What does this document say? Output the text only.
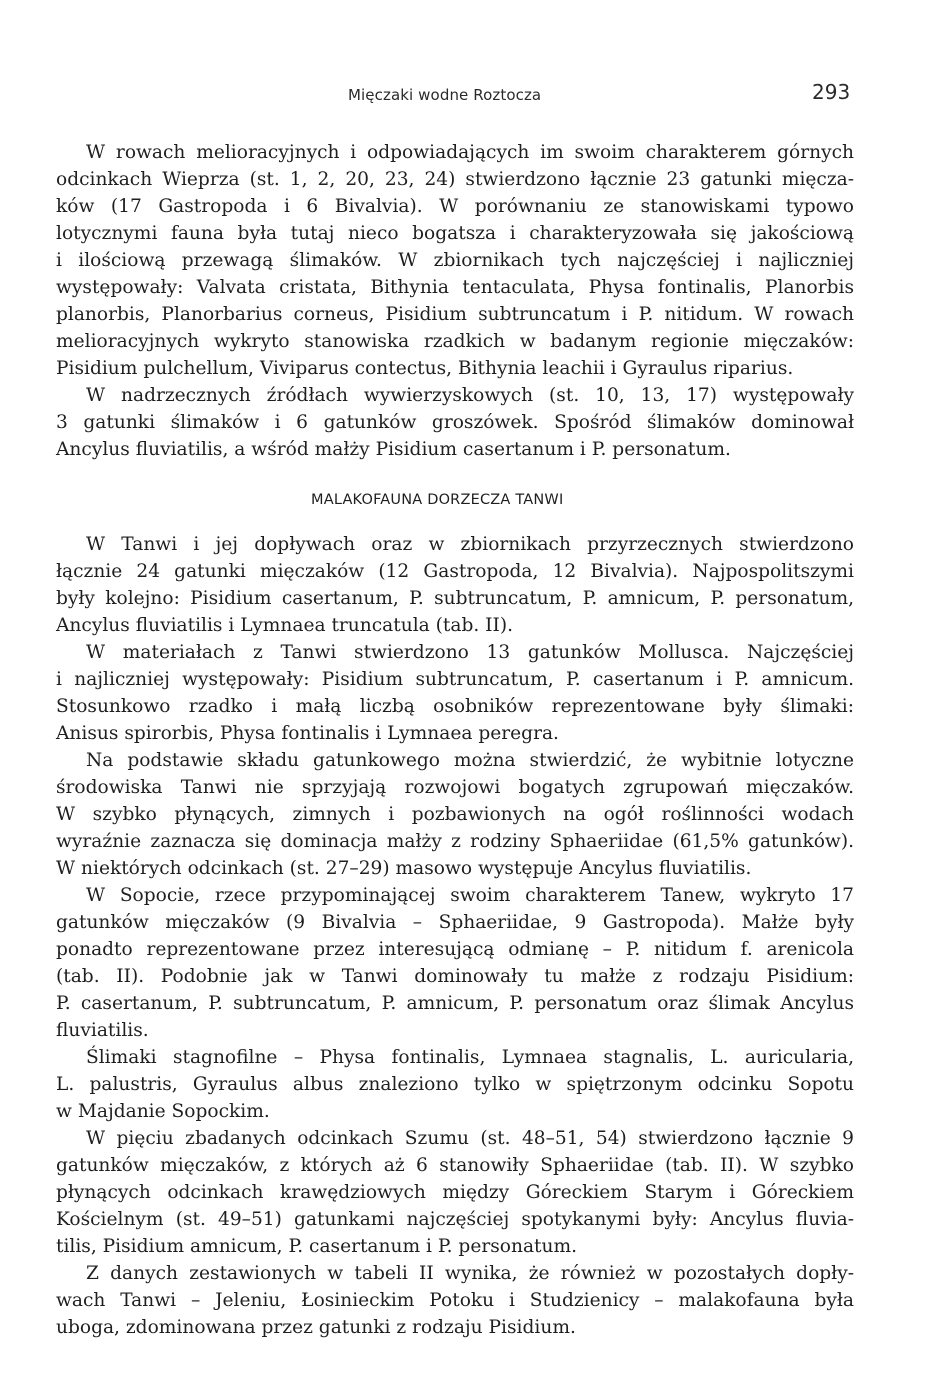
Mięczaki wodne Roztocza	293
W rowach melioracyjnych i odpowiadających im swoim charakterem górnych
odcinkach Wieprza (st. 1, 2, 20, 23, 24) stwierdzono łącznie 23 gatunki mięcza-
ków (17 Gastropoda i 6 Bivalvia). W porównaniu ze stanowiskami typowo
lotycznymi fauna była tutaj nieco bogatsza i charakteryzowała się jakościową
i ilościową przewagą ślimaków. W zbiornikach tych najczęściej i najliczniej
występowały: Valvata cristata, Bithynia tentaculata, Physa fontinalis, Planorbis
planorbis, Planorbarius corneus, Pisidium subtruncatum i P. nitidum. W rowach
melioracyjnych wykryto stanowiska rzadkich w badanym regionie mięczaków:
Pisidium pulchellum, Viviparus contectus, Bithynia leachii i Gyraulus riparius.
W nadrzecznych źródłach wywierzyskowych (st. 10, 13, 17) występowały
3 gatunki ślimaków i 6 gatunków groszówek. Spośród ślimaków dominował
Ancylus fluviatilis, a wśród małży Pisidium casertanum i P. personatum.
MALAKOFAUNA DORZECZA TANWI
W Tanwi i jej dopływach oraz w zbiornikach przyrzecznych stwierdzono
łącznie 24 gatunki mięczaków (12 Gastropoda, 12 Bivalvia). Najpospolitszymi
były kolejno: Pisidium casertanum, P. subtruncatum, P. amnicum, P. personatum,
Ancylus fluviatilis i Lymnaea truncatula (tab. II).
W materiałach z Tanwi stwierdzono 13 gatunków Mollusca. Najczęściej
i najliczniej występowały: Pisidium subtruncatum, P. casertanum i P. amnicum.
Stosunkowo rzadko i małą liczbą osobników reprezentowane były ślimaki:
Anisus spirorbis, Physa fontinalis i Lymnaea peregra.
Na podstawie składu gatunkowego można stwierdzić, że wybitnie lotyczne
środowiska Tanwi nie sprzyjają rozwojowi bogatych zgrupowań mięczaków.
W szybko płynących, zimnych i pozbawionych na ogół roślinności wodach
wyraźnie zaznacza się dominacja małży z rodziny Sphaeriidae (61,5% gatunków).
W niektórych odcinkach (st. 27–29) masowo występuje Ancylus fluviatilis.
W Sopocie, rzece przypominającej swoim charakterem Tanew, wykryto 17
gatunków mięczaków (9 Bivalvia – Sphaeriidae, 9 Gastropoda). Małże były
ponadto reprezentowane przez interesującą odmianę – P. nitidum f. arenicola
(tab. II). Podobnie jak w Tanwi dominowały tu małże z rodzaju Pisidium:
P. casertanum, P. subtruncatum, P. amnicum, P. personatum oraz ślimak Ancylus
fluviatilis.
Ślimaki stagnofilne – Physa fontinalis, Lymnaea stagnalis, L. auricularia,
L. palustris, Gyraulus albus znaleziono tylko w spiętrzonym odcinku Sopotu
w Majdanie Sopockim.
W pięciu zbadanych odcinkach Szumu (st. 48–51, 54) stwierdzono łącznie 9
gatunków mięczaków, z których aż 6 stanowiły Sphaeriidae (tab. II). W szybko
płynących odcinkach krawędziowych między Góreckiem Starym i Góreckiem
Kościelnym (st. 49–51) gatunkami najczęściej spotykanymi były: Ancylus fluvia-
tilis, Pisidium amnicum, P. casertanum i P. personatum.
Z danych zestawionych w tabeli II wynika, że również w pozostałych dopły-
wach Tanwi – Jeleniu, Łosinieckim Potoku i Studzienicy – malakofauna była
uboga, zdominowana przez gatunki z rodzaju Pisidium.
